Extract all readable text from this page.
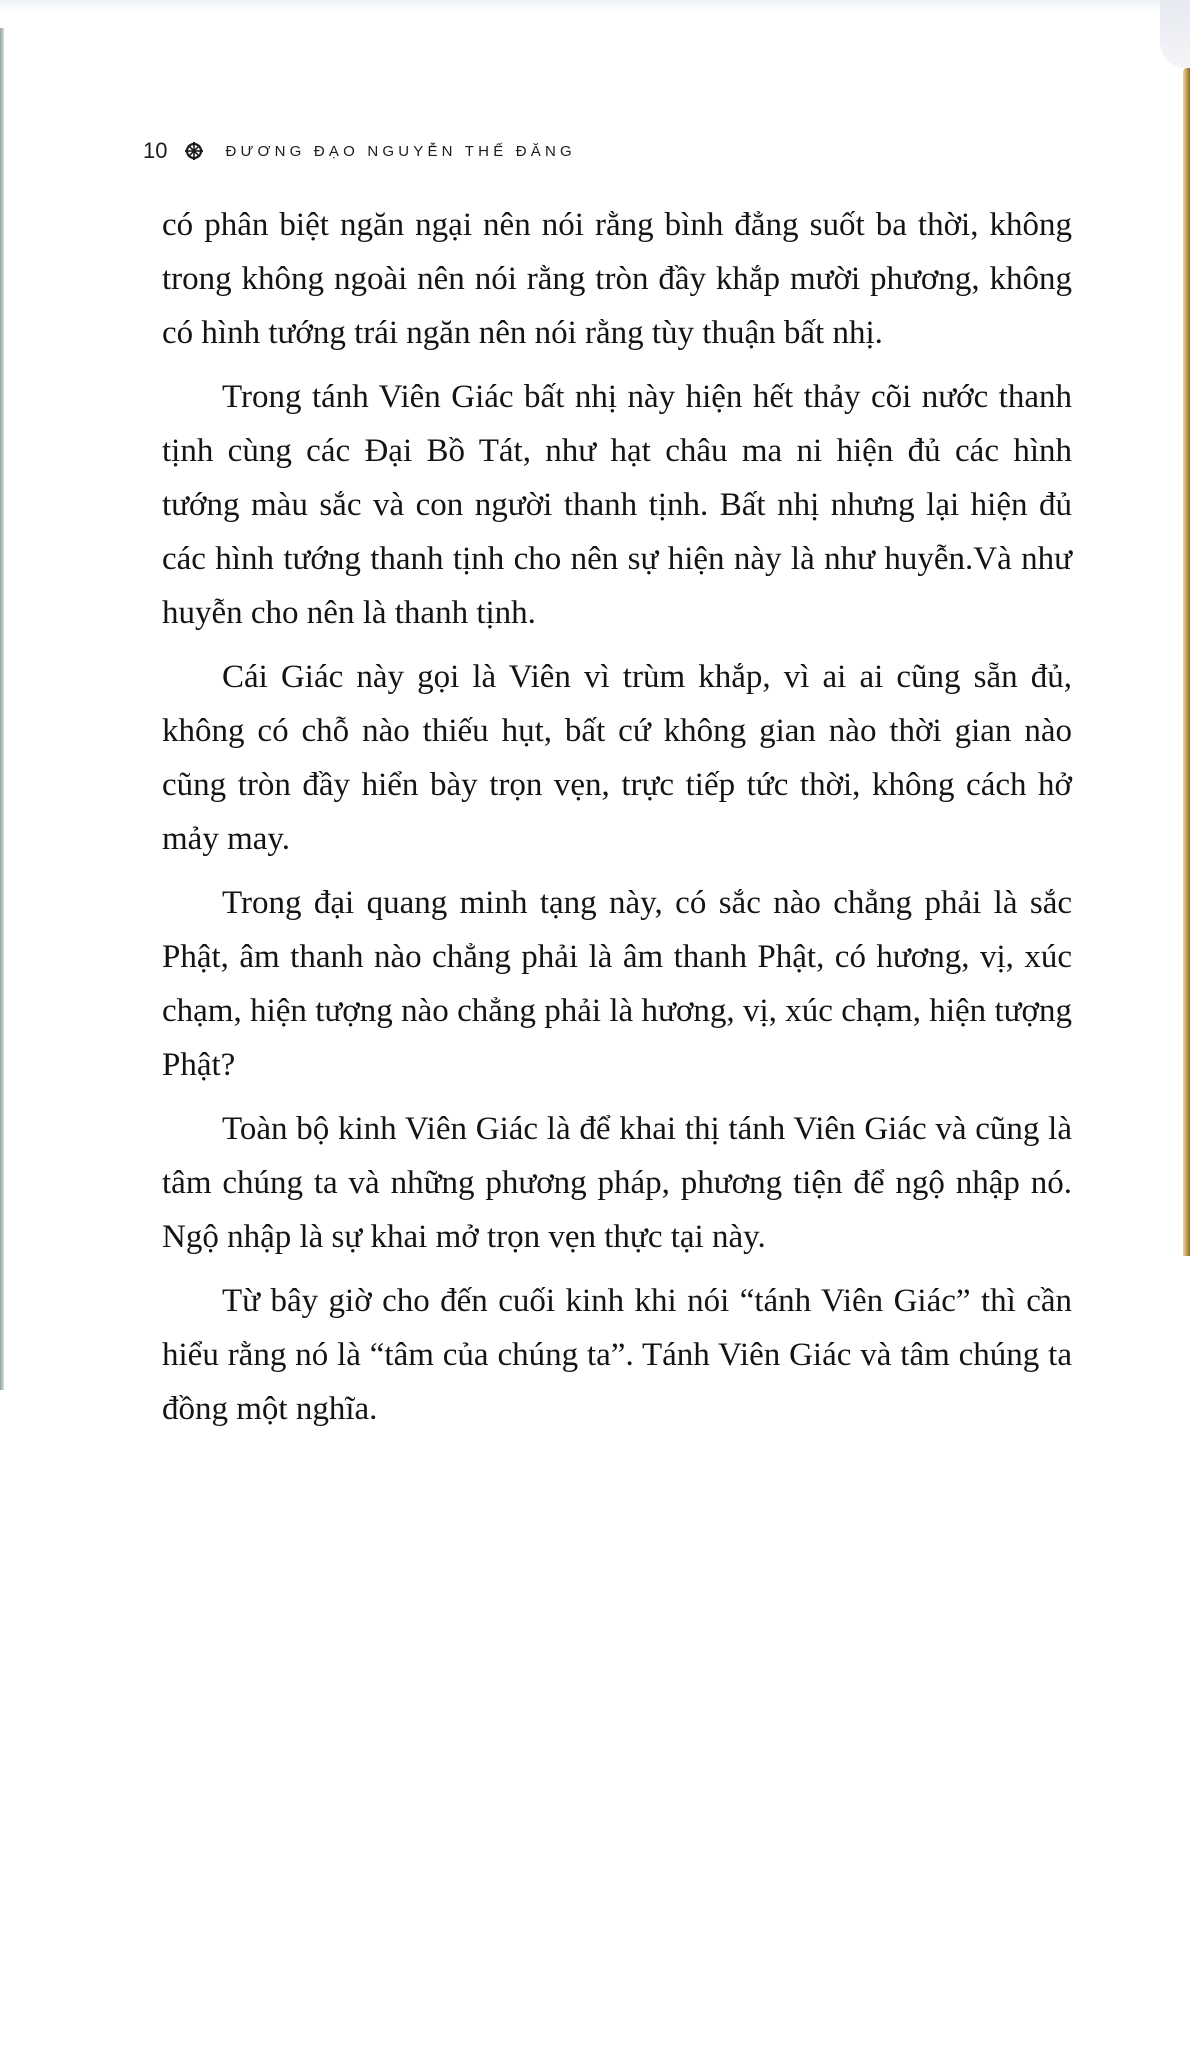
10	ĐƯƠNG ĐẠO NGUYỄN THẾ ĐĂNG

có phân biệt ngăn ngại nên nói rằng bình đẳng suốt ba thời, không trong không ngoài nên nói rằng tròn đầy khắp mười phương, không có hình tướng trái ngăn nên nói rằng tùy thuận bất nhị.

Trong tánh Viên Giác bất nhị này hiện hết thảy cõi nước thanh tịnh cùng các Đại Bồ Tát, như hạt châu ma ni hiện đủ các hình tướng màu sắc và con người thanh tịnh. Bất nhị nhưng lại hiện đủ các hình tướng thanh tịnh cho nên sự hiện này là như huyễn.Và như huyễn cho nên là thanh tịnh.

Cái Giác này gọi là Viên vì trùm khắp, vì ai ai cũng sẵn đủ, không có chỗ nào thiếu hụt, bất cứ không gian nào thời gian nào cũng tròn đầy hiển bày trọn vẹn, trực tiếp tức thời, không cách hở mảy may.

Trong đại quang minh tạng này, có sắc nào chẳng phải là sắc Phật, âm thanh nào chẳng phải là âm thanh Phật, có hương, vị, xúc chạm, hiện tượng nào chẳng phải là hương, vị, xúc chạm, hiện tượng Phật?

Toàn bộ kinh Viên Giác là để khai thị tánh Viên Giác và cũng là tâm chúng ta và những phương pháp, phương tiện để ngộ nhập nó. Ngộ nhập là sự khai mở trọn vẹn thực tại này.

Từ bây giờ cho đến cuối kinh khi nói “tánh Viên Giác” thì cần hiểu rằng nó là “tâm của chúng ta”. Tánh Viên Giác và tâm chúng ta đồng một nghĩa.
